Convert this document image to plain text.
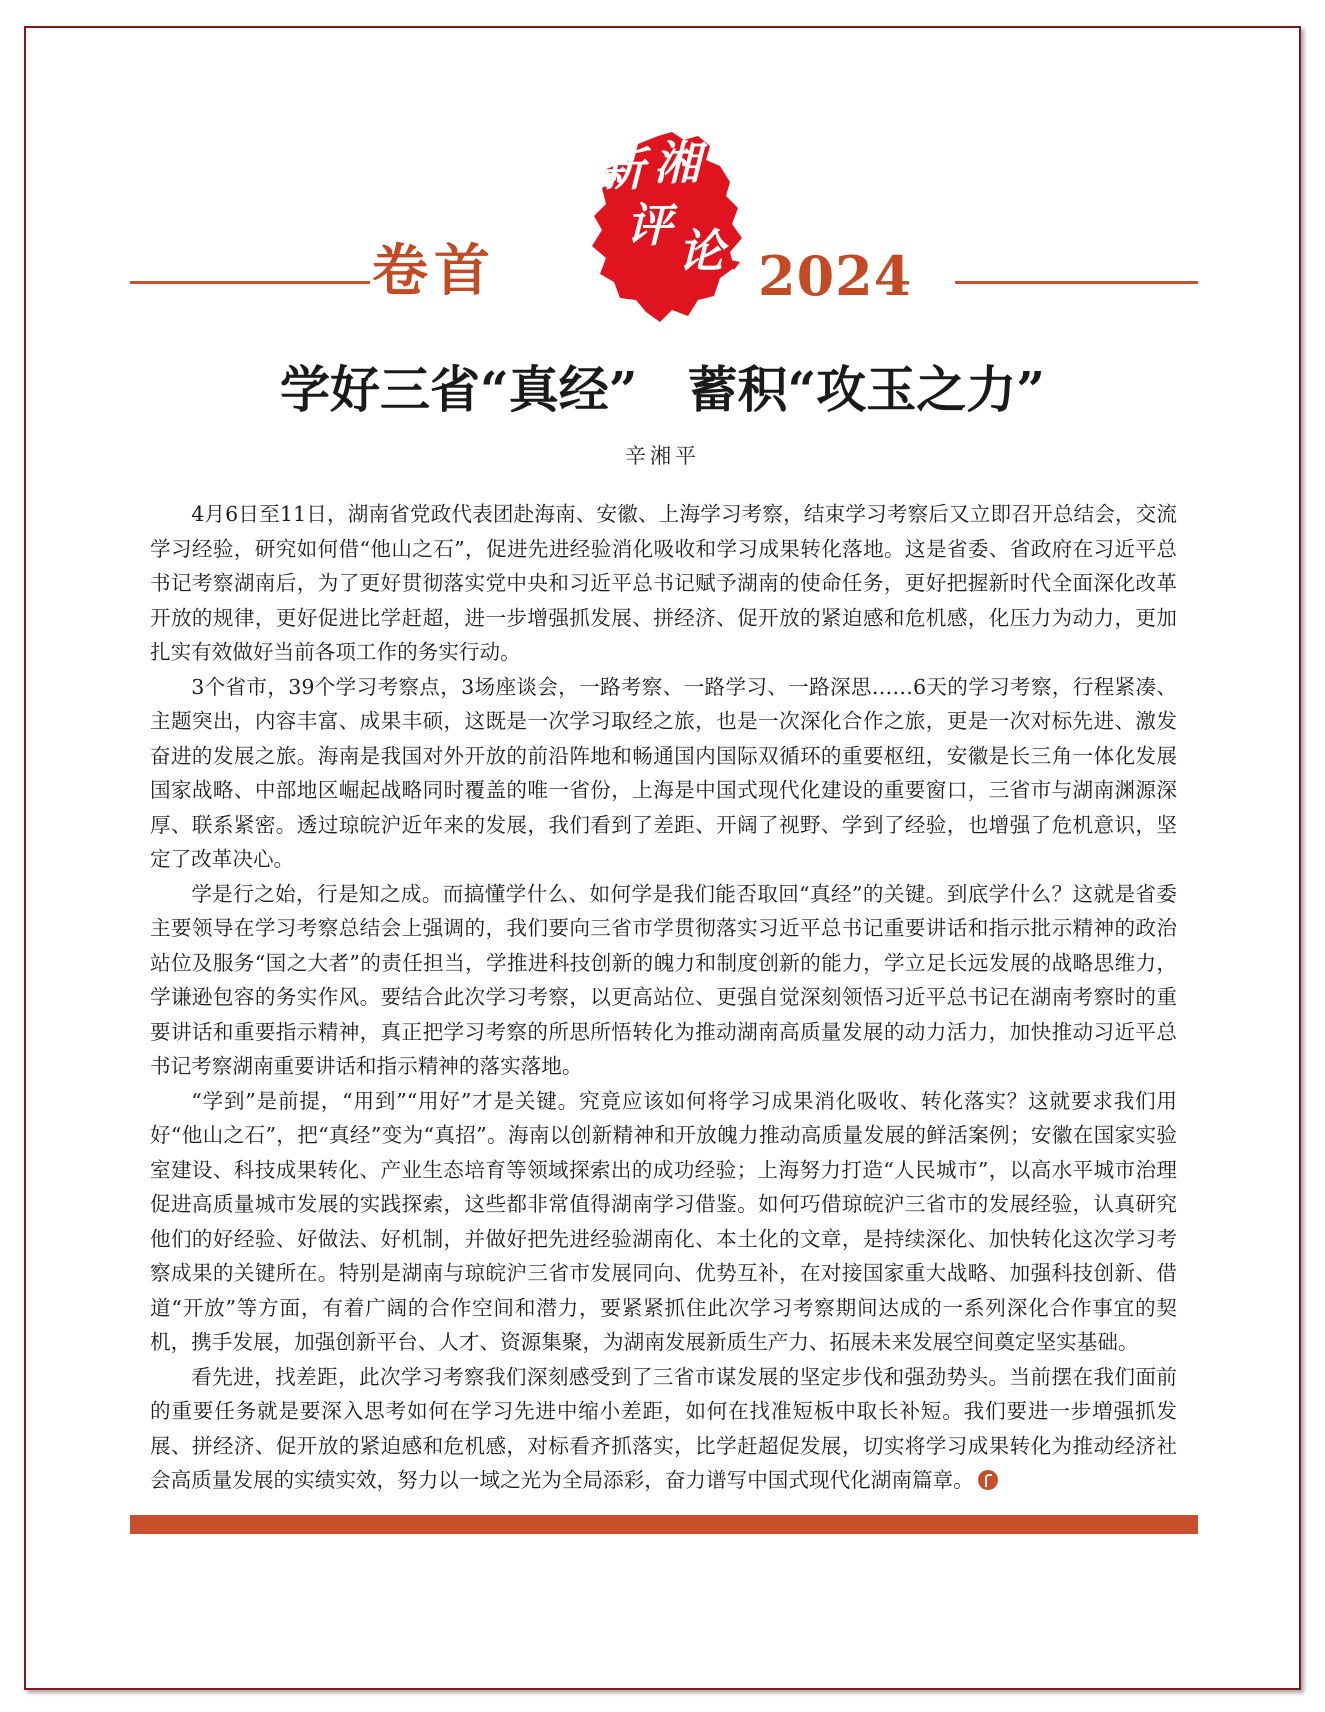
卷首	2024
新 湘
评 论
学好三省“真经”　蓄积“攻玉之力”
辛湘平

4月6日至11日，湖南省党政代表团赴海南、安徽、上海学习考察，结束学习考察后又立即召开总结会，交流学习经验，研究如何借“他山之石”，促进先进经验消化吸收和学习成果转化落地。这是省委、省政府在习近平总书记考察湖南后，为了更好贯彻落实党中央和习近平总书记赋予湖南的使命任务，更好把握新时代全面深化改革开放的规律，更好促进比学赶超，进一步增强抓发展、拼经济、促开放的紧迫感和危机感，化压力为动力，更加扎实有效做好当前各项工作的务实行动。

3个省市，39个学习考察点，3场座谈会，一路考察、一路学习、一路深思……6天的学习考察，行程紧凑、主题突出，内容丰富、成果丰硕，这既是一次学习取经之旅，也是一次深化合作之旅，更是一次对标先进、激发奋进的发展之旅。海南是我国对外开放的前沿阵地和畅通国内国际双循环的重要枢纽，安徽是长三角一体化发展国家战略、中部地区崛起战略同时覆盖的唯一省份，上海是中国式现代化建设的重要窗口，三省市与湖南渊源深厚、联系紧密。透过琼皖沪近年来的发展，我们看到了差距、开阔了视野、学到了经验，也增强了危机意识，坚定了改革决心。

学是行之始，行是知之成。而搞懂学什么、如何学是我们能否取回“真经”的关键。到底学什么？这就是省委主要领导在学习考察总结会上强调的，我们要向三省市学贯彻落实习近平总书记重要讲话和指示批示精神的政治站位及服务“国之大者”的责任担当，学推进科技创新的魄力和制度创新的能力，学立足长远发展的战略思维力，学谦逊包容的务实作风。要结合此次学习考察，以更高站位、更强自觉深刻领悟习近平总书记在湖南考察时的重要讲话和重要指示精神，真正把学习考察的所思所悟转化为推动湖南高质量发展的动力活力，加快推动习近平总书记考察湖南重要讲话和指示精神的落实落地。

“学到”是前提，“用到”“用好”才是关键。究竟应该如何将学习成果消化吸收、转化落实？这就要求我们用好“他山之石”，把“真经”变为“真招”。海南以创新精神和开放魄力推动高质量发展的鲜活案例；安徽在国家实验室建设、科技成果转化、产业生态培育等领域探索出的成功经验；上海努力打造“人民城市”，以高水平城市治理促进高质量城市发展的实践探索，这些都非常值得湖南学习借鉴。如何巧借琼皖沪三省市的发展经验，认真研究他们的好经验、好做法、好机制，并做好把先进经验湖南化、本土化的文章，是持续深化、加快转化这次学习考察成果的关键所在。特别是湖南与琼皖沪三省市发展同向、优势互补，在对接国家重大战略、加强科技创新、借道“开放”等方面，有着广阔的合作空间和潜力，要紧紧抓住此次学习考察期间达成的一系列深化合作事宜的契机，携手发展，加强创新平台、人才、资源集聚，为湖南发展新质生产力、拓展未来发展空间奠定坚实基础。

看先进，找差距，此次学习考察我们深刻感受到了三省市谋发展的坚定步伐和强劲势头。当前摆在我们面前的重要任务就是要深入思考如何在学习先进中缩小差距，如何在找准短板中取长补短。我们要进一步増强抓发展、拼经济、促开放的紧迫感和危机感，对标看齐抓落实，比学赶超促发展，切实将学习成果转化为推动经济社会高质量发展的实绩实效，努力以一域之光为全局添彩，奋力谱写中国式现代化湖南篇章。
